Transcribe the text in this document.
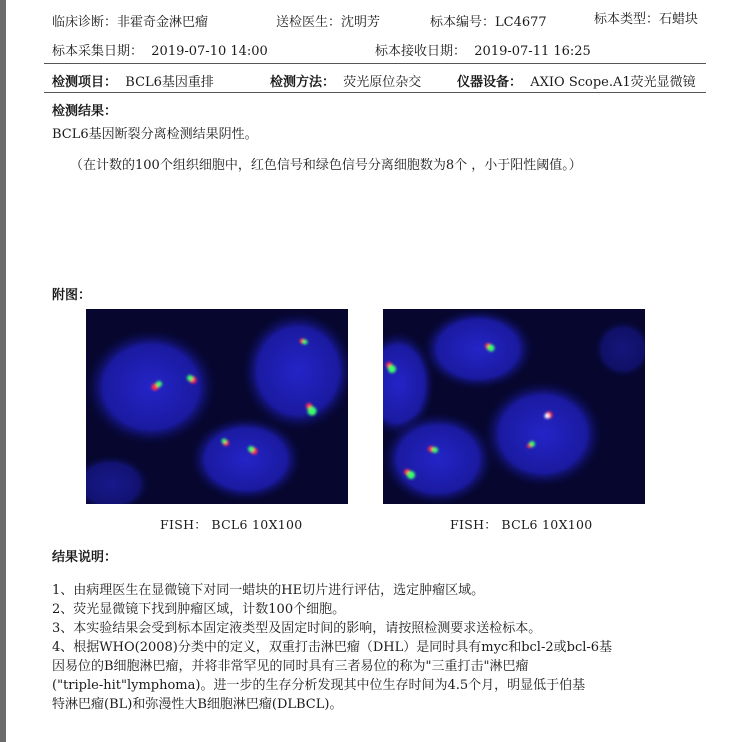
临床诊断：非霍奇金淋巴瘤	送检医生：沈明芳	标本编号：LC4677	标本类型：石蜡块
标本采集日期： 2019-07-10 14:00	标本接收日期： 2019-07-11 16:25
检测项目： BCL6基因重排	检测方法： 荧光原位杂交	仪器设备： AXIO Scope.A1荧光显微镜
检测结果：
BCL6基因断裂分离检测结果阴性。
（在计数的100个组织细胞中，红色信号和绿色信号分离细胞数为8个 ，小于阳性阈值。）
附图：
FISH： BCL6 10X100	FISH： BCL6 10X100
结果说明：
1、由病理医生在显微镜下对同一蜡块的HE切片进行评估，选定肿瘤区域。
2、荧光显微镜下找到肿瘤区域，计数100个细胞。
3、本实验结果会受到标本固定液类型及固定时间的影响，请按照检测要求送检标本。
4、根据WHO(2008)分类中的定义，双重打击淋巴瘤（DHL）是同时具有myc和bcl-2或bcl-6基
因易位的B细胞淋巴瘤，并将非常罕见的同时具有三者易位的称为"三重打击"淋巴瘤
("triple-hit"lymphoma)。进一步的生存分析发现其中位生存时间为4.5个月，明显低于伯基
特淋巴瘤(BL)和弥漫性大B细胞淋巴瘤(DLBCL)。
